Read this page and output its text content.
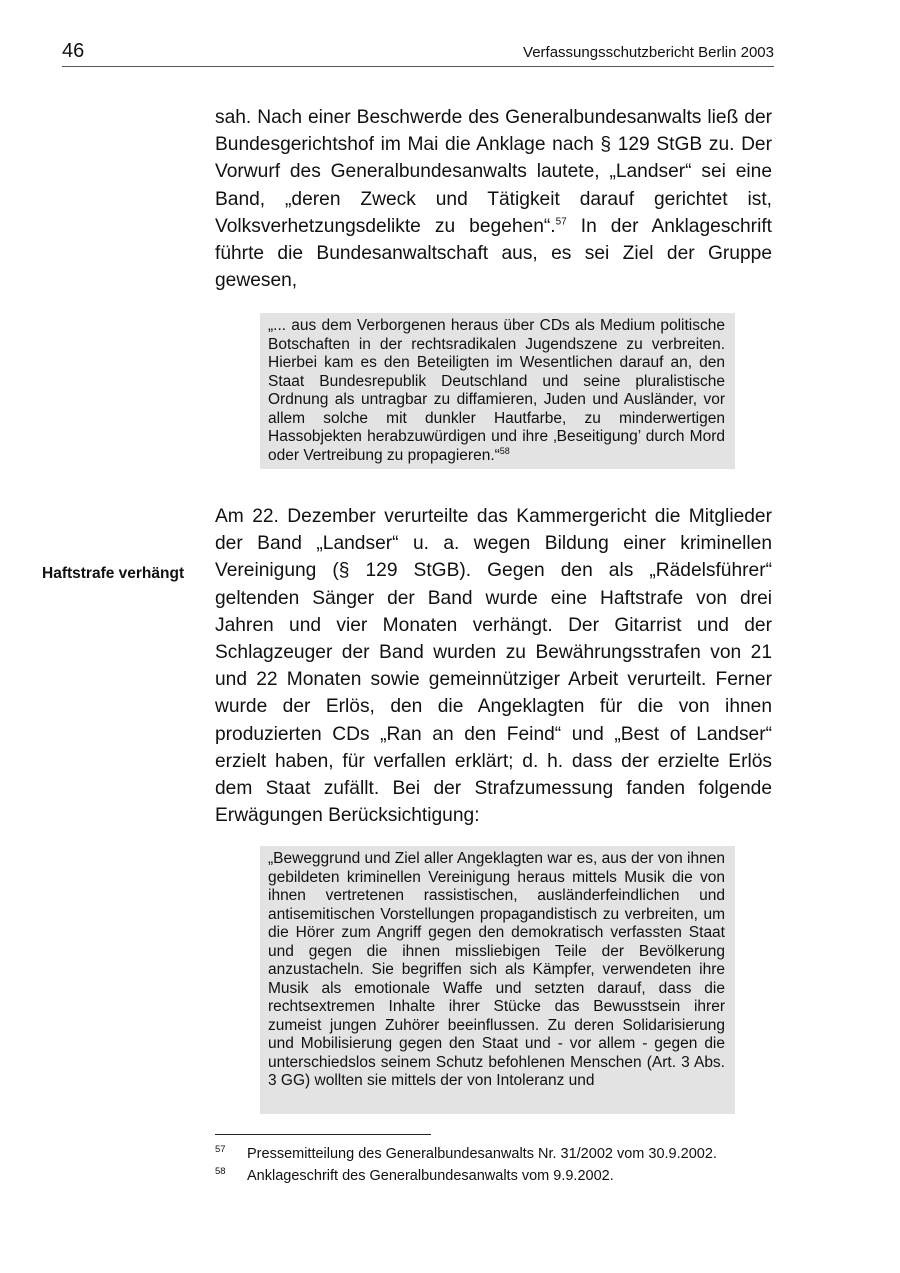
46	Verfassungsschutzbericht Berlin 2003

sah. Nach einer Beschwerde des Generalbundesanwalts ließ der Bundesgerichtshof im Mai die Anklage nach § 129 StGB zu. Der Vorwurf des Generalbundesanwalts lautete, „Landser“ sei eine Band, „deren Zweck und Tätigkeit darauf gerichtet ist, Volksverhetzungsdelikte zu begehen“.$^{57}$ In der Anklageschrift führte die Bundesanwaltschaft aus, es sei Ziel der Gruppe gewesen,

„... aus dem Verborgenen heraus über CDs als Medium politische Botschaften in der rechtsradikalen Jugendszene zu verbreiten. Hierbei kam es den Beteiligten im Wesentlichen darauf an, den Staat Bundesrepublik Deutschland und seine pluralistische Ordnung als untragbar zu diffamieren, Juden und Ausländer, vor allem solche mit dunkler Hautfarbe, zu minderwertigen Hassobjekten herabzuwürdigen und ihre ‚Beseitigung’ durch Mord oder Vertreibung zu propagieren.“$^{58}$

Haftstrafe verhängt

Am 22. Dezember verurteilte das Kammergericht die Mitglieder der Band „Landser“ u. a. wegen Bildung einer kriminellen Vereinigung (§ 129 StGB). Gegen den als „Rädelsführer“ geltenden Sänger der Band wurde eine Haftstrafe von drei Jahren und vier Monaten verhängt. Der Gitarrist und der Schlagzeuger der Band wurden zu Bewährungsstrafen von 21 und 22 Monaten sowie gemeinnütziger Arbeit verurteilt. Ferner wurde der Erlös, den die Angeklagten für die von ihnen produzierten CDs „Ran an den Feind“ und „Best of Landser“ erzielt haben, für verfallen erklärt; d. h. dass der erzielte Erlös dem Staat zufällt. Bei der Strafzumessung fanden folgende Erwägungen Berücksichtigung:

„Beweggrund und Ziel aller Angeklagten war es, aus der von ihnen gebildeten kriminellen Vereinigung heraus mittels Musik die von ihnen vertretenen rassistischen, ausländerfeindlichen und antisemitischen Vorstellungen propagandistisch zu verbreiten, um die Hörer zum Angriff gegen den demokratisch verfassten Staat und gegen die ihnen missliebigen Teile der Bevölkerung anzustacheln. Sie begriffen sich als Kämpfer, verwendeten ihre Musik als emotionale Waffe und setzten darauf, dass die rechtsextremen Inhalte ihrer Stücke das Bewusstsein ihrer zumeist jungen Zuhörer beeinflussen. Zu deren Solidarisierung und Mobilisierung gegen den Staat und - vor allem - gegen die unterschiedslos seinem Schutz befohlenen Menschen (Art. 3 Abs. 3 GG) wollten sie mittels der von Intoleranz und

57 Pressemitteilung des Generalbundesanwalts Nr. 31/2002 vom 30.9.2002.
58 Anklageschrift des Generalbundesanwalts vom 9.9.2002.
